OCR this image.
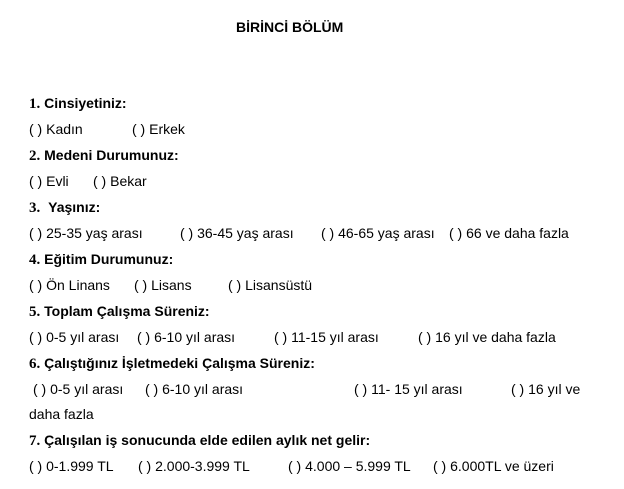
BİRİNCİ BÖLÜM
1. Cinsiyetiniz:
( ) Kadın	( ) Erkek
2. Medeni Durumunuz:
( ) Evli ( ) Bekar
3. Yaşınız:
( ) 25-35 yaş arası	( ) 36-45 yaş arası ( ) 46-65 yaş arası ( ) 66 ve daha fazla
4. Eğitim Durumunuz:
( ) Ön Linans ( ) Lisans	( ) Lisansüstü
5. Toplam Çalışma Süreniz:
( ) 0-5 yıl arası ( ) 6-10 yıl arası	( ) 11-15 yıl arası	( ) 16 yıl ve daha fazla
6. Çalıştığınız İşletmedeki Çalışma Süreniz:
( ) 0-5 yıl arası ( ) 6-10 yıl arası	( ) 11- 15 yıl arası	( ) 16 yıl ve
daha fazla
7. Çalışılan iş sonucunda elde edilen aylık net gelir:
( ) 0-1.999 TL ( ) 2.000-3.999 TL	( ) 4.000 – 5.999 TL ( ) 6.000TL ve üzeri
